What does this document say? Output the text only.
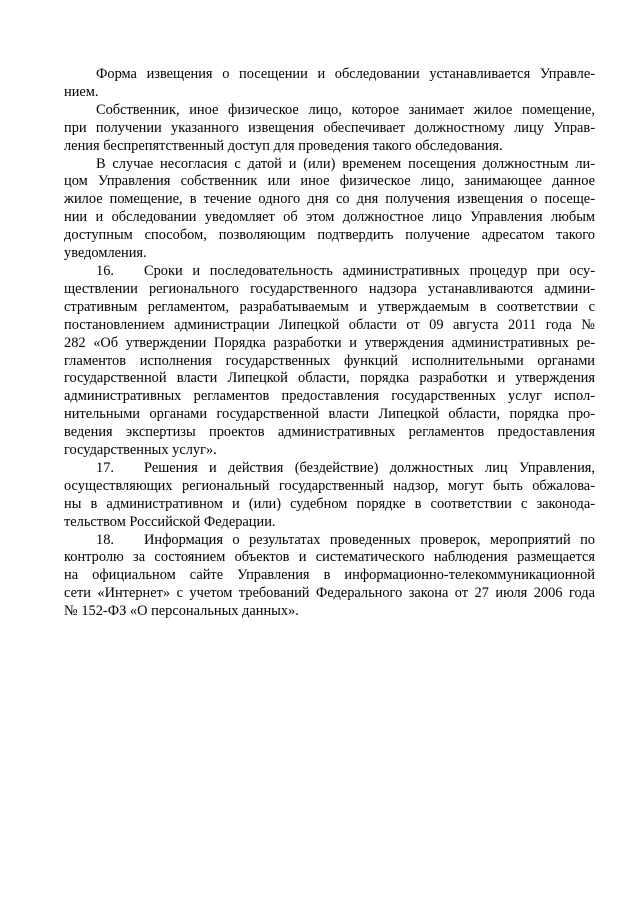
Форма извещения о посещении и обследовании устанавливается Управле-
нием.

Собственник, иное физическое лицо, которое занимает жилое помещение,
при получении указанного извещения обеспечивает должностному лицу Управ-
ления беспрепятственный доступ для проведения такого обследования.

В случае несогласия с датой и (или) временем посещения должностным ли-
цом Управления собственник или иное физическое лицо, занимающее данное
жилое помещение, в течение одного дня со дня получения извещения о посеще-
нии и обследовании уведомляет об этом должностное лицо Управления любым
доступным способом, позволяющим подтвердить получение адресатом такого
уведомления.

16. Сроки и последовательность административных процедур при осу-
ществлении регионального государственного надзора устанавливаются админи-
стративным регламентом, разрабатываемым и утверждаемым в соответствии с
постановлением администрации Липецкой области от 09 августа 2011 года №
282 «Об утверждении Порядка разработки и утверждения административных ре-
гламентов исполнения государственных функций исполнительными органами
государственной власти Липецкой области, порядка разработки и утверждения
административных регламентов предоставления государственных услуг испол-
нительными органами государственной власти Липецкой области, порядка про-
ведения экспертизы проектов административных регламентов предоставления
государственных услуг».

17. Решения и действия (бездействие) должностных лиц Управления,
осуществляющих региональный государственный надзор, могут быть обжалова-
ны в административном и (или) судебном порядке в соответствии с законода-
тельством Российской Федерации.

18. Информация о результатах проведенных проверок, мероприятий по
контролю за состоянием объектов и систематического наблюдения размещается
на официальном сайте Управления в информационно-телекоммуникационной
сети «Интернет» с учетом требований Федерального закона от 27 июля 2006 года
№ 152-ФЗ «О персональных данных».
